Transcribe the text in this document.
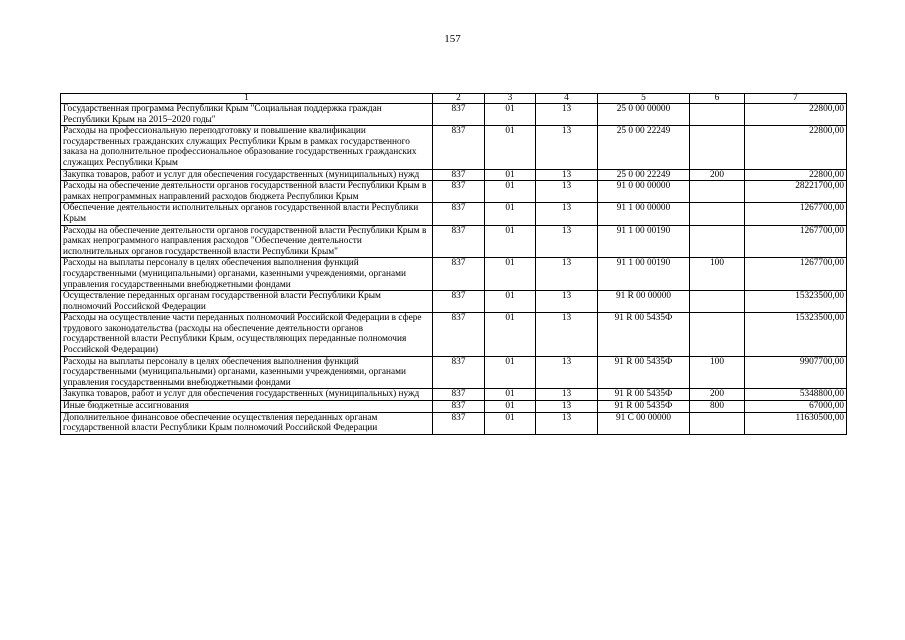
157
1	2	3	4	5	6	7
Государственная программа Республики Крым "Социальная поддержка граждан Республики Крым на 2015–2020 годы"	837	01	13	25 0 00 00000		22800,00
Расходы на профессиональную переподготовку и повышение квалификации государственных гражданских служащих Республики Крым в рамках государственного заказа на дополнительное профессиональное образование государственных гражданских служащих Республики Крым	837	01	13	25 0 00 22249		22800,00
Закупка товаров, работ и услуг для обеспечения государственных (муниципальных) нужд	837	01	13	25 0 00 22249	200	22800,00
Расходы на обеспечение деятельности органов государственной власти Республики Крым в рамках непрограммных направлений расходов бюджета Республики Крым	837	01	13	91 0 00 00000		28221700,00
Обеспечение деятельности исполнительных органов государственной власти Республики Крым	837	01	13	91 1 00 00000		1267700,00
Расходы на обеспечение деятельности органов государственной власти Республики Крым в рамках непрограммного направления расходов "Обеспечение деятельности исполнительных органов государственной власти Республики Крым"	837	01	13	91 1 00 00190		1267700,00
Расходы на выплаты персоналу в целях обеспечения выполнения функций государственными (муниципальными) органами, казенными учреждениями, органами управления государственными внебюджетными фондами	837	01	13	91 1 00 00190	100	1267700,00
Осуществление переданных органам государственной власти Республики Крым полномочий Российской Федерации	837	01	13	91 R 00 00000		15323500,00
Расходы на осуществление части переданных полномочий Российской Федерации в сфере трудового законодательства (расходы на обеспечение деятельности органов государственной власти Республики Крым, осуществляющих переданные полномочия Российской Федерации)	837	01	13	91 R 00 5435Ф		15323500,00
Расходы на выплаты персоналу в целях обеспечения выполнения функций государственными (муниципальными) органами, казенными учреждениями, органами управления государственными внебюджетными фондами	837	01	13	91 R 00 5435Ф	100	9907700,00
Закупка товаров, работ и услуг для обеспечения государственных (муниципальных) нужд	837	01	13	91 R 00 5435Ф	200	5348800,00
Иные бюджетные ассигнования	837	01	13	91 R 00 5435Ф	800	67000,00
Дополнительное финансовое обеспечение осуществления переданных органам государственной власти Республики Крым полномочий Российской Федерации	837	01	13	91 С 00 00000		11630500,00
